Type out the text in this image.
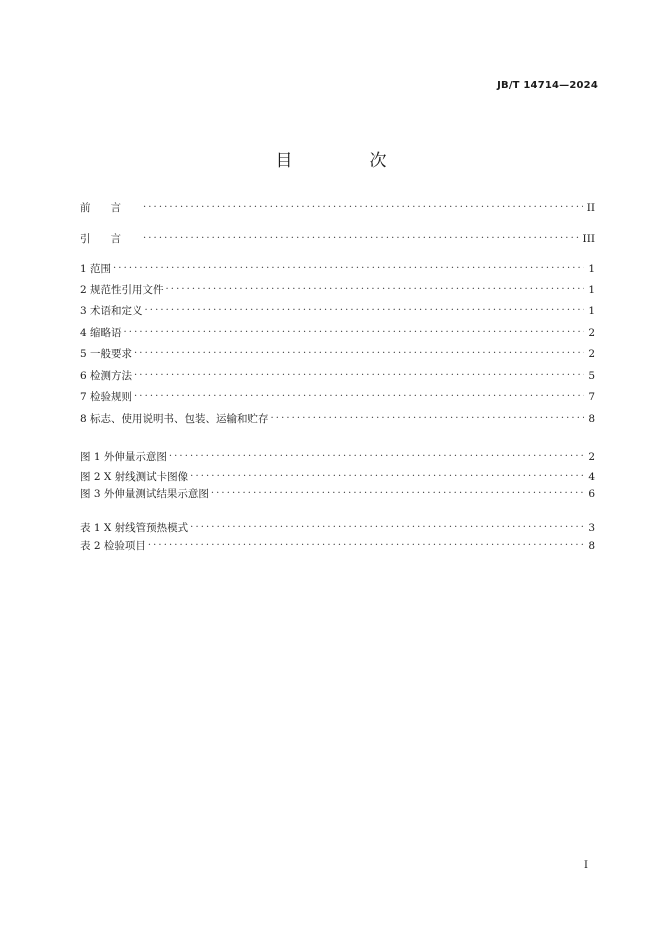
JB/T 14714—2024
目　次
前言 ·····	II
引言 ·····	III
1 范围 ·····	1
2 规范性引用文件 ·····	1
3 术语和定义 ·····	1
4 缩略语 ·····	2
5 一般要求 ·····	2
6 检测方法 ·····	5
7 检验规则 ·····	7
8 标志、使用说明书、包装、运输和贮存 ·····	8
图 1 外伸量示意图 ·····	2
图 2 X 射线测试卡图像 ·····	4
图 3 外伸量测试结果示意图 ·····	6
表 1 X 射线管预热模式 ·····	3
表 2 检验项目 ·····	8
I
